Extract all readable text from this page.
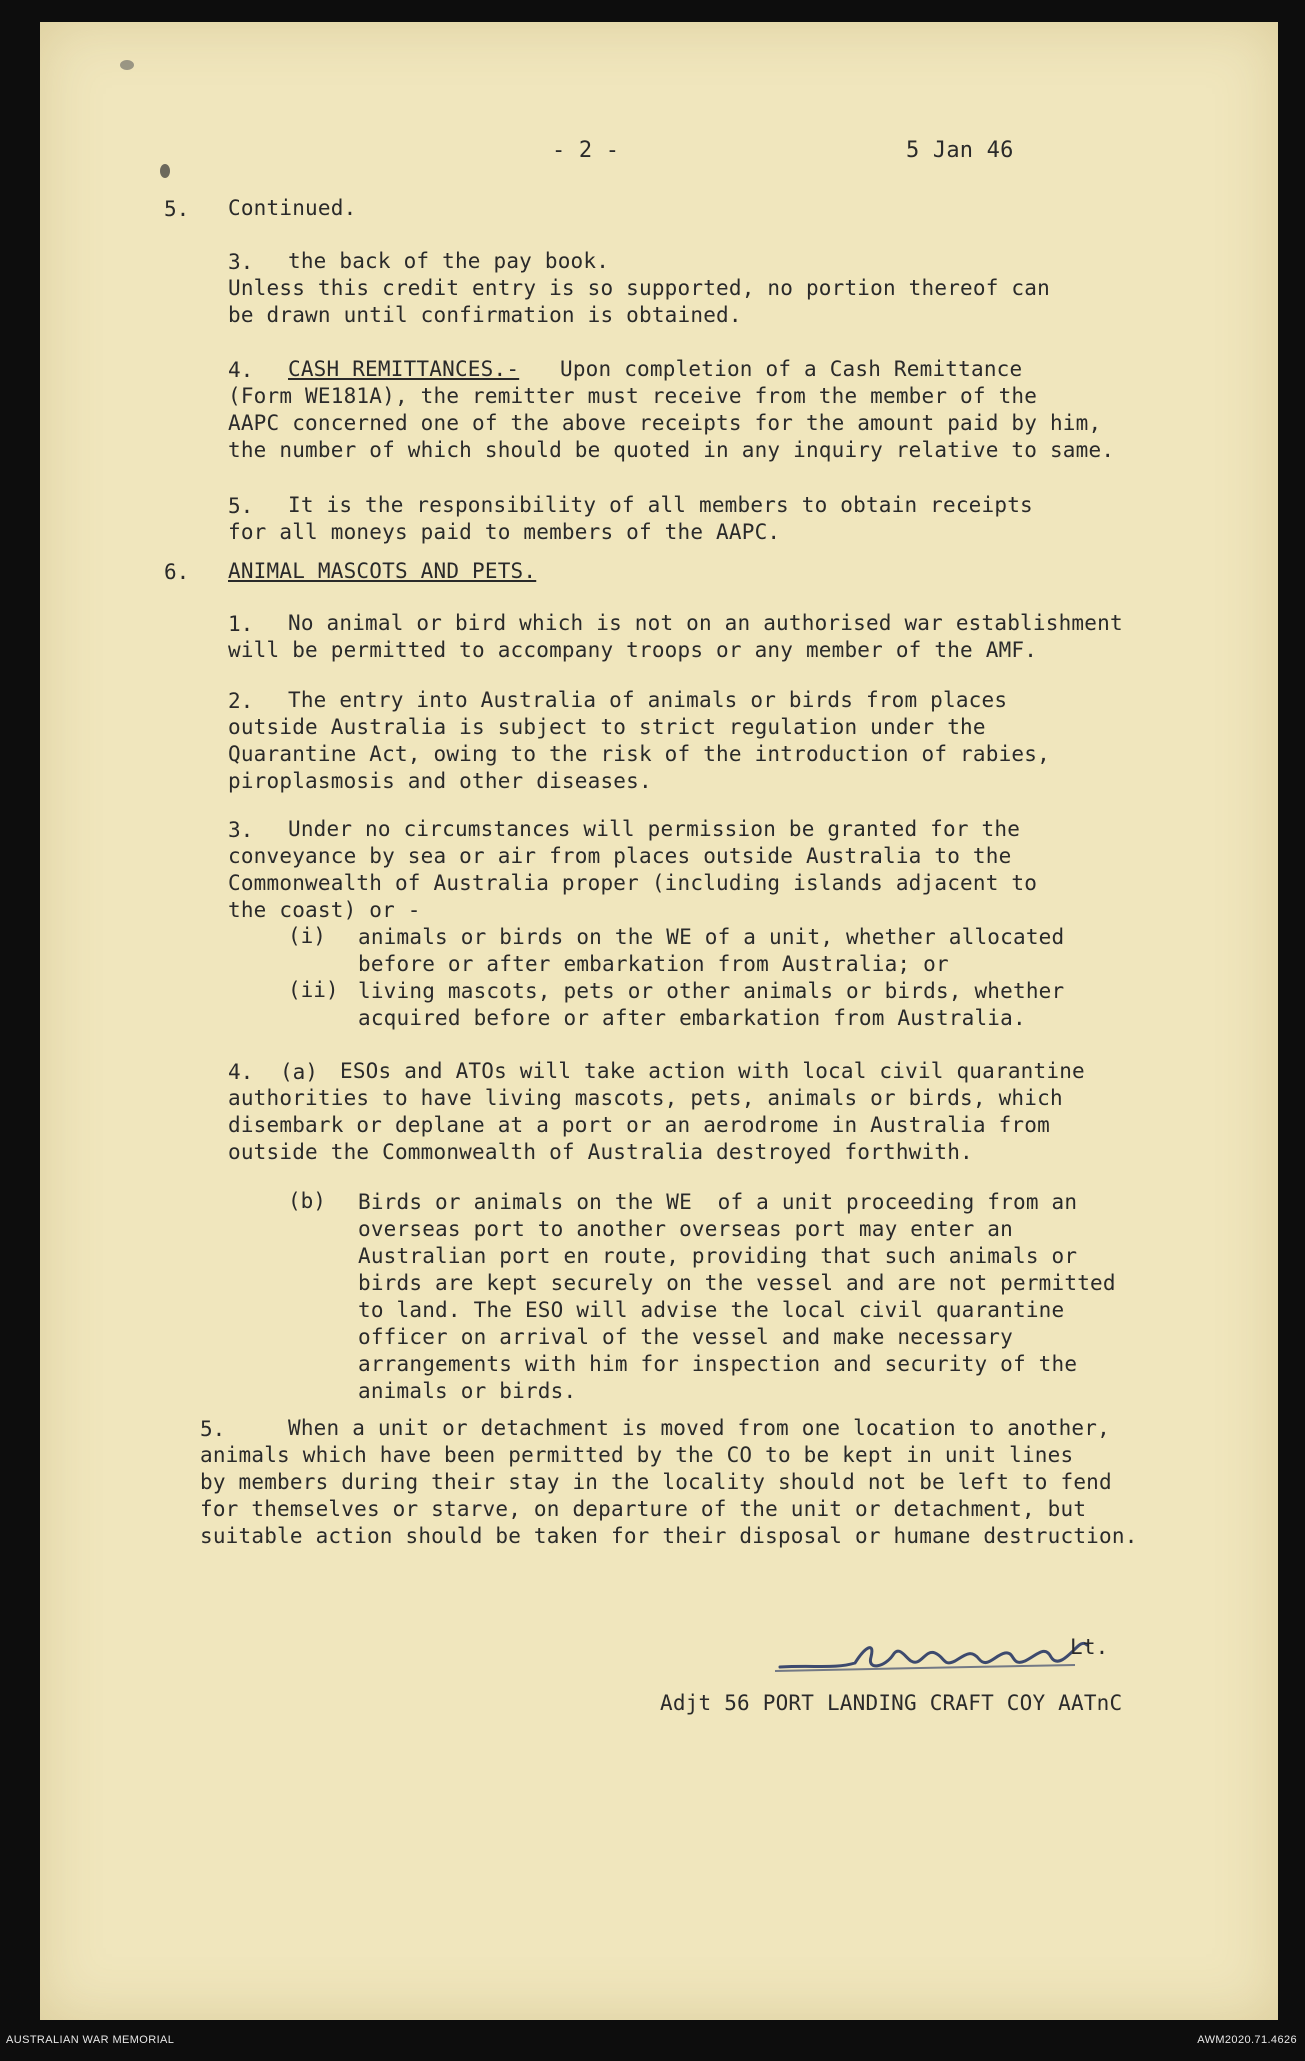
- 2 -	5 Jan 46
5. Continued.
3. the back of the pay book.
Unless this credit entry is so supported, no portion thereof can
be drawn until confirmation is obtained.
4. CASH REMITTANCES.- Upon completion of a Cash Remittance
(Form WE181A), the remitter must receive from the member of the
AAPC concerned one of the above receipts for the amount paid by him,
the number of which should be quoted in any inquiry relative to same.
5. It is the responsibility of all members to obtain receipts
for all moneys paid to members of the AAPC.
6. ANIMAL MASCOTS AND PETS.
1. No animal or bird which is not on an authorised war establishment
will be permitted to accompany troops or any member of the AMF.
2. The entry into Australia of animals or birds from places
outside Australia is subject to strict regulation under the
Quarantine Act, owing to the risk of the introduction of rabies,
piroplasmosis and other diseases.
3. Under no circumstances will permission be granted for the
conveyance by sea or air from places outside Australia to the
Commonwealth of Australia proper (including islands adjacent to
the coast) or -
(i) animals or birds on the WE of a unit, whether allocated
before or after embarkation from Australia; or
(ii) living mascots, pets or other animals or birds, whether
acquired before or after embarkation from Australia.
4. (a) ESOs and ATOs will take action with local civil quarantine
authorities to have living mascots, pets, animals or birds, which
disembark or deplane at a port or an aerodrome in Australia from
outside the Commonwealth of Australia destroyed forthwith.
(b) Birds or animals on the WE  of a unit proceeding from an
overseas port to another overseas port may enter an
Australian port en route, providing that such animals or
birds are kept securely on the vessel and are not permitted
to land. The ESO will advise the local civil quarantine
officer on arrival of the vessel and make necessary
arrangements with him for inspection and security of the
animals or birds.
5.	When a unit or detachment is moved from one location to another,
animals which have been permitted by the CO to be kept in unit lines
by members during their stay in the locality should not be left to fend
for themselves or starve, on departure of the unit or detachment, but
suitable action should be taken for their disposal or humane destruction.
Lt.
Adjt 56 PORT LANDING CRAFT COY AATnC
AUSTRALIAN WAR MEMORIAL	AWM2020.71.4626
